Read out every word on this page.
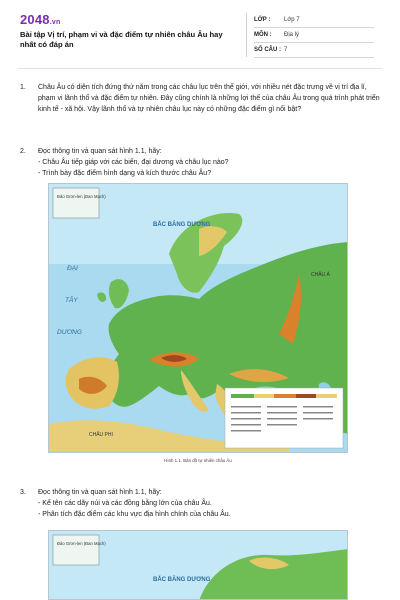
2048.vn
Bài tập Vị trí, phạm vi và đặc điểm tự nhiên châu Âu hay nhất có đáp án
LỚP : Lớp 7
MÔN : Địa lý
SỐ CÂU : 7
1. Châu Âu có diện tích đứng thứ năm trong các châu lục trên thế giới, với nhiều nét đặc trưng về vị trí địa lí, phạm vi lãnh thổ và đặc điểm tự nhiên. Đây cũng chính là những lợi thế của châu Âu trong quá trình phát triển kinh tế - xã hội. Vậy lãnh thổ và tự nhiên châu lục này có những đặc điểm gì nổi bật?
2. Đọc thông tin và quan sát hình 1.1, hãy:
- Châu Âu tiếp giáp với các biển, đại dương và châu lục nào?
- Trình bày đặc điểm hình dạng và kích thước châu Âu?
Đảo Grơn-len (Đan Mạch)
BẮC BĂNG DƯƠNG
ĐẠI
TÂY
DƯƠNG
CHÂU Á
CHÂU PHI
Hình 1.1. Bản đồ tự nhiên châu Âu
3. Đọc thông tin và quan sát hình 1.1, hãy:
- Kể tên các dãy núi và các đồng bằng lớn của châu Âu.
- Phân tích đặc điểm các khu vực địa hình chính của châu Âu.
Đảo Grơn-len (Đan Mạch)
BẮC BĂNG DƯƠNG
